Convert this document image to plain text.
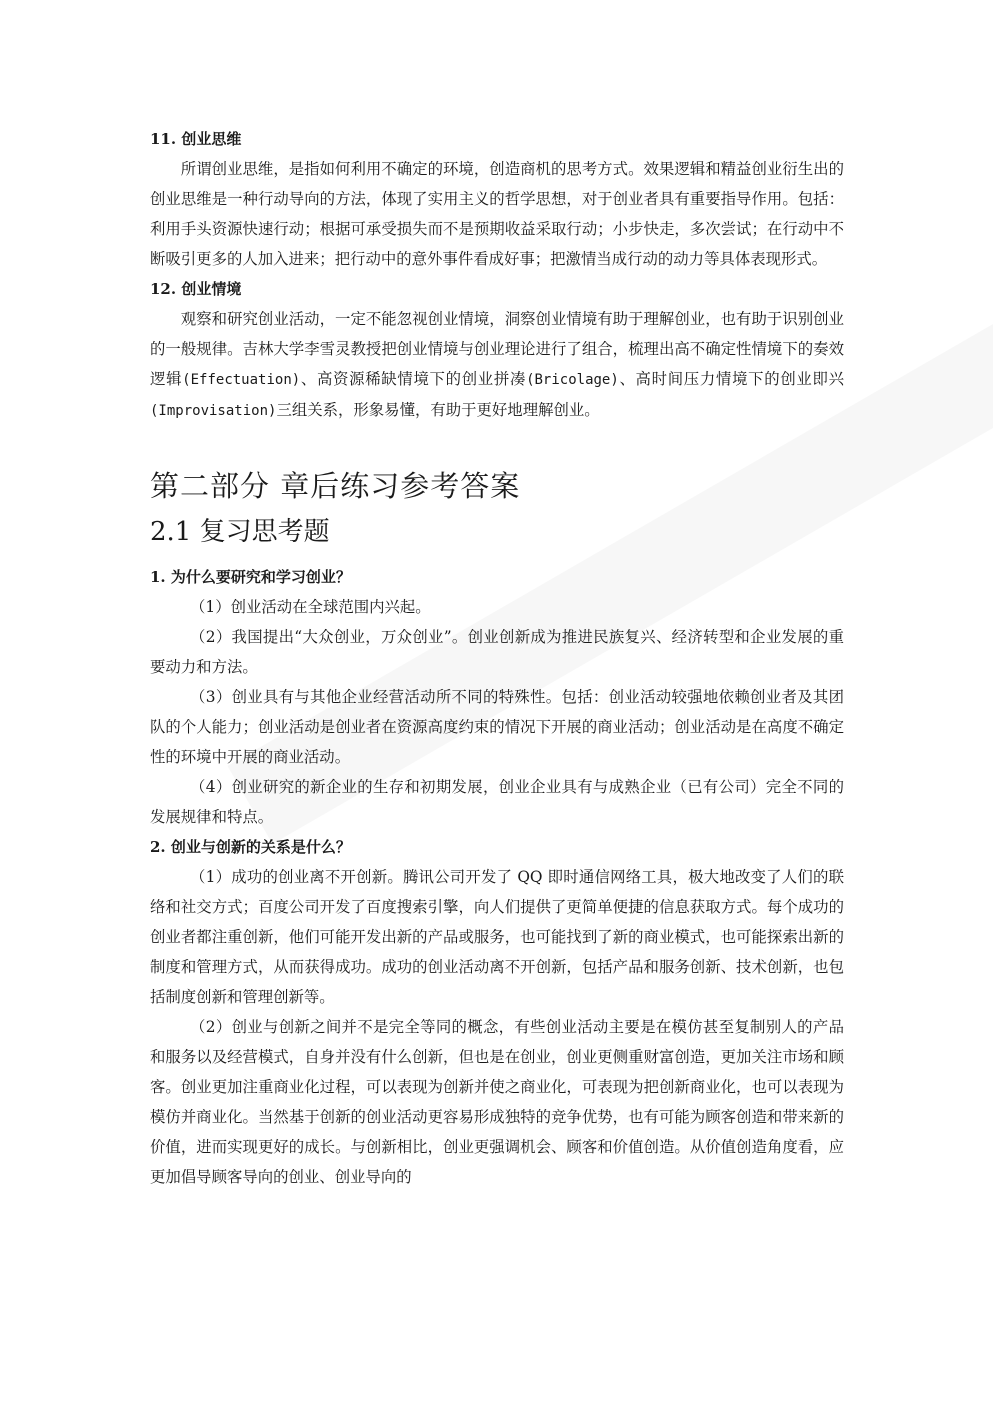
11. 创业思维

所谓创业思维，是指如何利用不确定的环境，创造商机的思考方式。效果逻辑和精益创业衍生出的创业思维是一种行动导向的方法，体现了实用主义的哲学思想，对于创业者具有重要指导作用。包括：利用手头资源快速行动；根据可承受损失而不是预期收益采取行动；小步快走，多次尝试；在行动中不断吸引更多的人加入进来；把行动中的意外事件看成好事；把激情当成行动的动力等具体表现形式。

12. 创业情境

观察和研究创业活动，一定不能忽视创业情境，洞察创业情境有助于理解创业，也有助于识别创业的一般规律。吉林大学李雪灵教授把创业情境与创业理论进行了组合，梳理出高不确定性情境下的奏效逻辑(Effectuation)、高资源稀缺情境下的创业拼凑(Bricolage)、高时间压力情境下的创业即兴(Improvisation)三组关系，形象易懂，有助于更好地理解创业。

第二部分 章后练习参考答案
2.1 复习思考题

1. 为什么要研究和学习创业？

（1）创业活动在全球范围内兴起。

（2）我国提出“大众创业，万众创业”。创业创新成为推进民族复兴、经济转型和企业发展的重要动力和方法。

（3）创业具有与其他企业经营活动所不同的特殊性。包括：创业活动较强地依赖创业者及其团队的个人能力；创业活动是创业者在资源高度约束的情况下开展的商业活动；创业活动是在高度不确定性的环境中开展的商业活动。

（4）创业研究的新企业的生存和初期发展，创业企业具有与成熟企业（已有公司）完全不同的发展规律和特点。

2. 创业与创新的关系是什么？

（1）成功的创业离不开创新。腾讯公司开发了 QQ 即时通信网络工具，极大地改变了人们的联络和社交方式；百度公司开发了百度搜索引擎，向人们提供了更简单便捷的信息获取方式。每个成功的创业者都注重创新，他们可能开发出新的产品或服务，也可能找到了新的商业模式，也可能探索出新的制度和管理方式，从而获得成功。成功的创业活动离不开创新，包括产品和服务创新、技术创新，也包括制度创新和管理创新等。

（2）创业与创新之间并不是完全等同的概念，有些创业活动主要是在模仿甚至复制别人的产品和服务以及经营模式，自身并没有什么创新，但也是在创业，创业更侧重财富创造，更加关注市场和顾客。创业更加注重商业化过程，可以表现为创新并使之商业化，可表现为把创新商业化，也可以表现为模仿并商业化。当然基于创新的创业活动更容易形成独特的竞争优势，也有可能为顾客创造和带来新的价值，进而实现更好的成长。与创新相比，创业更强调机会、顾客和价值创造。从价值创造角度看，应更加倡导顾客导向的创业、创业导向的
